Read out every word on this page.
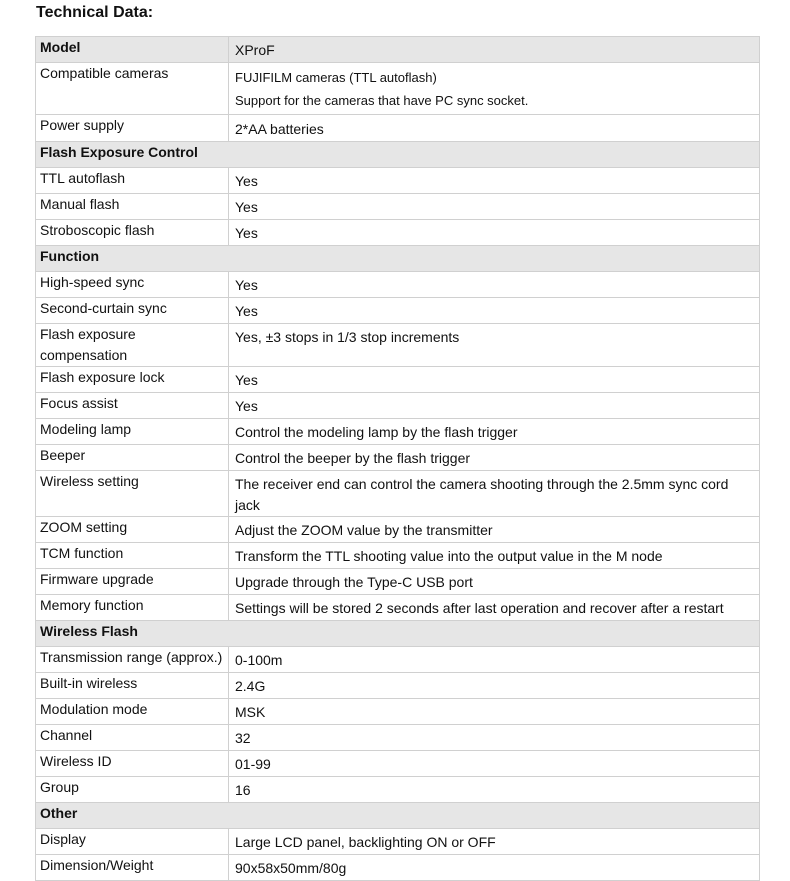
Technical Data:
Model	XProF
Compatible cameras	FUJIFILM cameras (TTL autoflash)
Support for the cameras that have PC sync socket.

Power supply	2*AA batteries

Flash Exposure Control	
TTL autoflash	Yes
Manual flash	Yes
Stroboscopic flash	Yes
Function	
High-speed sync	Yes
Second-curtain sync	Yes
Flash exposure compensation	Yes, ±3 stops in 1/3 stop increments
Flash exposure lock	Yes
Focus assist	Yes
Modeling lamp	Control the modeling lamp by the flash trigger
Beeper	Control the beeper by the flash trigger
Wireless setting	The receiver end can control the camera shooting through the 2.5mm sync cord jack
ZOOM setting	Adjust the ZOOM value by the transmitter
TCM function	Transform the TTL shooting value into the output value in the M node
Firmware upgrade	Upgrade through the Type-C USB port
Memory function	Settings will be stored 2 seconds after last operation and recover after a restart
Wireless Flash	
Transmission range (approx.)	0-100m
Built-in wireless	2.4G
Modulation mode	MSK
Channel	32
Wireless ID	01-99
Group	16
Other	
Display	Large LCD panel, backlighting ON or OFF
Dimension/Weight	90x58x50mm/80g
